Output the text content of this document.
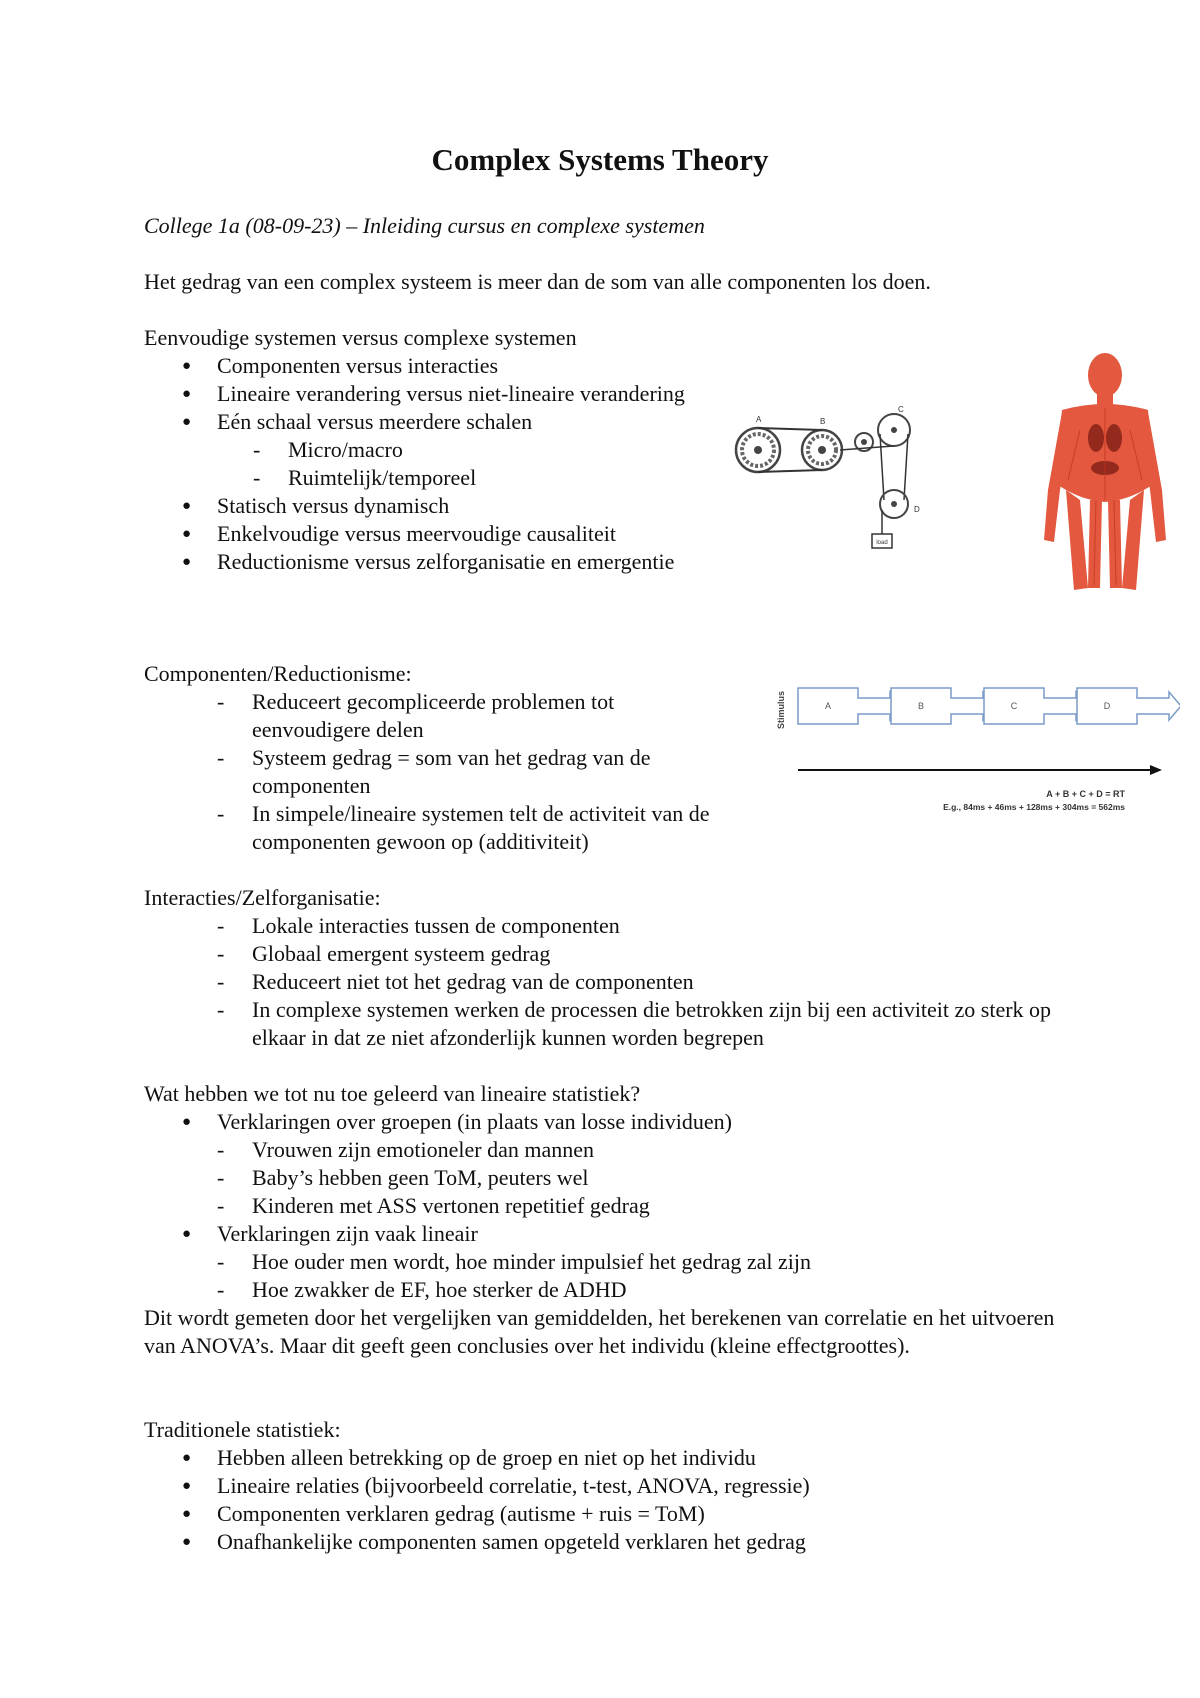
Complex Systems Theory

College 1a (08-09-23) – Inleiding cursus en complexe systemen

Het gedrag van een complex systeem is meer dan de som van alle componenten los doen.

Eenvoudige systemen versus complexe systemen

● Componenten versus interacties
● Lineaire verandering versus niet-lineaire verandering
● Eén schaal versus meerdere schalen
- Micro/macro
- Ruimtelijk/temporeel
● Statisch versus dynamisch
● Enkelvoudige versus meervoudige causaliteit
● Reductionisme versus zelforganisatie en emergentie
load
A	B
C
D

Componenten/Reductionisme:

- Reduceert gecompliceerde problemen tot eenvoudigere delen
- Systeem gedrag = som van het gedrag van de componenten
- In simpele/lineaire systemen telt de activiteit van de componenten gewoon op (additiviteit)
Stimulus	A	B	C	D
A + B + C + D = RT
E.g., 84ms + 46ms + 128ms + 304ms = 562ms

Interacties/Zelforganisatie:

- Lokale interacties tussen de componenten
- Globaal emergent systeem gedrag
- Reduceert niet tot het gedrag van de componenten
- In complexe systemen werken de processen die betrokken zijn bij een activiteit zo sterk op elkaar in dat ze niet afzonderlijk kunnen worden begrepen

Wat hebben we tot nu toe geleerd van lineaire statistiek?

● Verklaringen over groepen (in plaats van losse individuen)
- Vrouwen zijn emotioneler dan mannen
- Baby’s hebben geen ToM, peuters wel
- Kinderen met ASS vertonen repetitief gedrag
● Verklaringen zijn vaak lineair
- Hoe ouder men wordt, hoe minder impulsief het gedrag zal zijn
- Hoe zwakker de EF, hoe sterker de ADHD

Dit wordt gemeten door het vergelijken van gemiddelden, het berekenen van correlatie en het uitvoeren van ANOVA’s. Maar dit geeft geen conclusies over het individu (kleine effectgroottes).

Traditionele statistiek:

● Hebben alleen betrekking op de groep en niet op het individu
● Lineaire relaties (bijvoorbeeld correlatie, t-test, ANOVA, regressie)
● Componenten verklaren gedrag (autisme + ruis = ToM)
● Onafhankelijke componenten samen opgeteld verklaren het gedrag
